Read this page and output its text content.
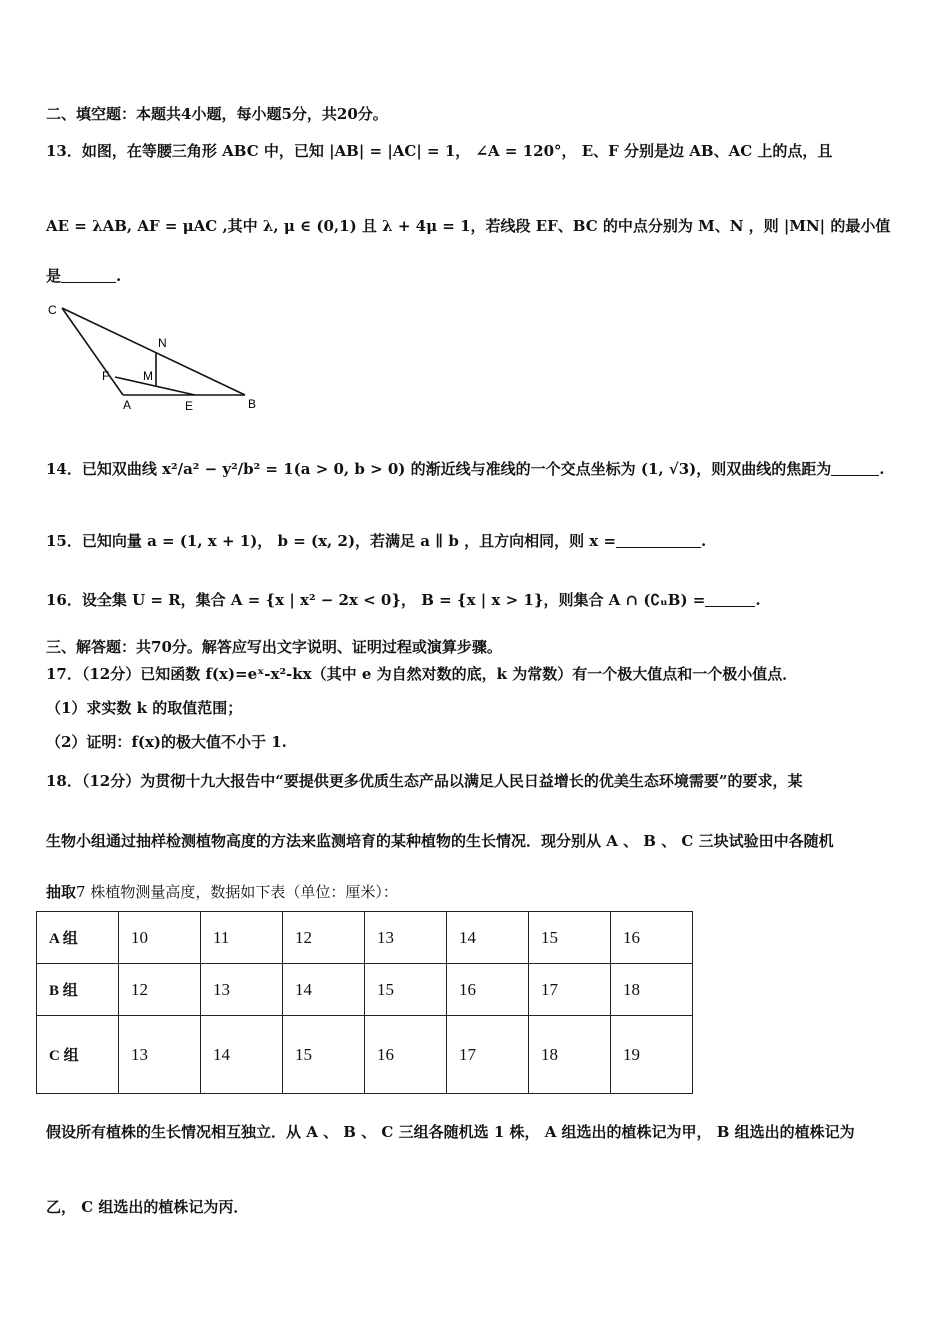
二、填空题：本题共4小题，每小题5分，共20分。
13．如图，在等腰三角形 ABC 中，已知 |AB| = |AC| = 1， ∠A = 120°， E、F 分别是边 AB、AC 上的点，且
AE = λAB, AF = μAC ,其中 λ, μ ∈ (0,1) 且 λ + 4μ = 1，若线段 EF、BC 的中点分别为 M、N ，则 |MN| 的最小值
是	.
C
N
F	M
A	E	B
14．已知双曲线 x²/a² − y²/b² = 1(a > 0, b > 0) 的渐近线与准线的一个交点坐标为 (1, √3)，则双曲线的焦距为	.
15．已知向量 a = (1, x + 1)， b = (x, 2)，若满足 a ∥ b ，且方向相同，则 x =	.
16．设全集 U = R，集合 A = {x | x² − 2x < 0}， B = {x | x > 1}，则集合 A ∩ (∁ᵤB) =	.
三、解答题：共70分。解答应写出文字说明、证明过程或演算步骤。
17．（12分）已知函数 f(x)=eˣ-x²-kx（其中 e 为自然对数的底，k 为常数）有一个极大值点和一个极小值点．
（1）求实数 k 的取值范围；
（2）证明：f(x)的极大值不小于 1.
18．（12分）为贯彻十九大报告中“要提供更多优质生态产品以满足人民日益增长的优美生态环境需要”的要求，某
生物小组通过抽样检测植物高度的方法来监测培育的某种植物的生长情况．现分别从 A 、 B 、 C 三块试验田中各随机
抽取7 株植物测量高度，数据如下表（单位：厘米）：
A 组	10	11	12	13	14	15	16
B 组	12	13	14	15	16	17	18
C 组	13	14	15	16	17	18	19
假设所有植株的生长情况相互独立．从 A 、 B 、 C 三组各随机选 1 株， A 组选出的植株记为甲， B 组选出的植株记为
乙， C 组选出的植株记为丙．
